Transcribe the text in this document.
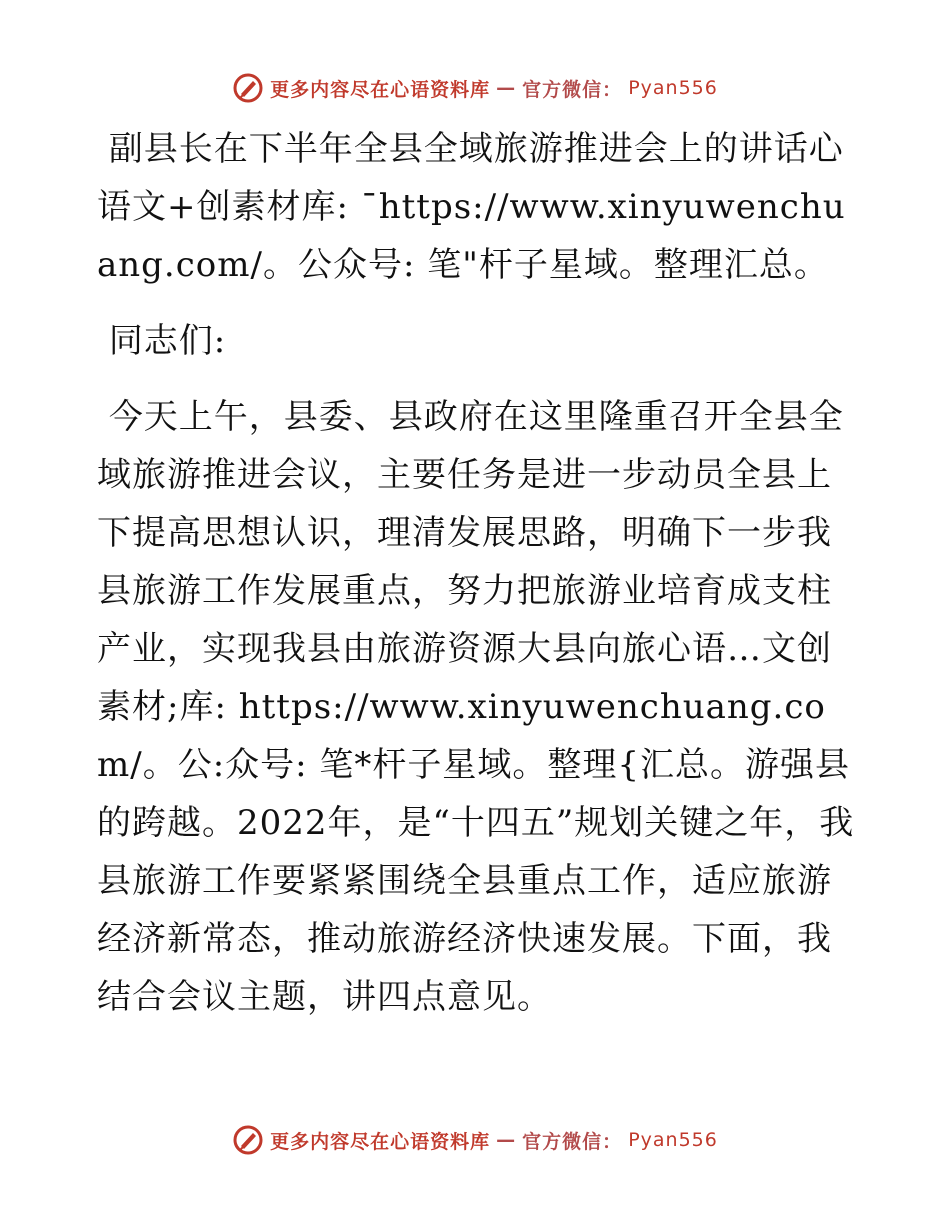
更多内容尽在心语资料库 — 官方微信： Pyan556

副县长在下半年全县全域旅游推进会上的讲话心语文+创素材库: ¯https://www.xinyuwenchuang.com/。公众号: 笔"杆子星域。整理汇总。

同志们:

今天上午，县委、县政府在这里隆重召开全县全域旅游推进会议，主要任务是进一步动员全县上下提高思想认识，理清发展思路，明确下一步我县旅游工作发展重点，努力把旅游业培育成支柱产业，实现我县由旅游资源大县向旅心语…文创素材;库: https://www.xinyuwenchuang.com/。公:众号: 笔*杆子星域。整理{汇总。游强县的跨越。2022年，是“十四五”规划关键之年，我县旅游工作要紧紧围绕全县重点工作，适应旅游经济新常态，推动旅游经济快速发展。下面，我结合会议主题，讲四点意见。

更多内容尽在心语资料库 — 官方微信： Pyan556
